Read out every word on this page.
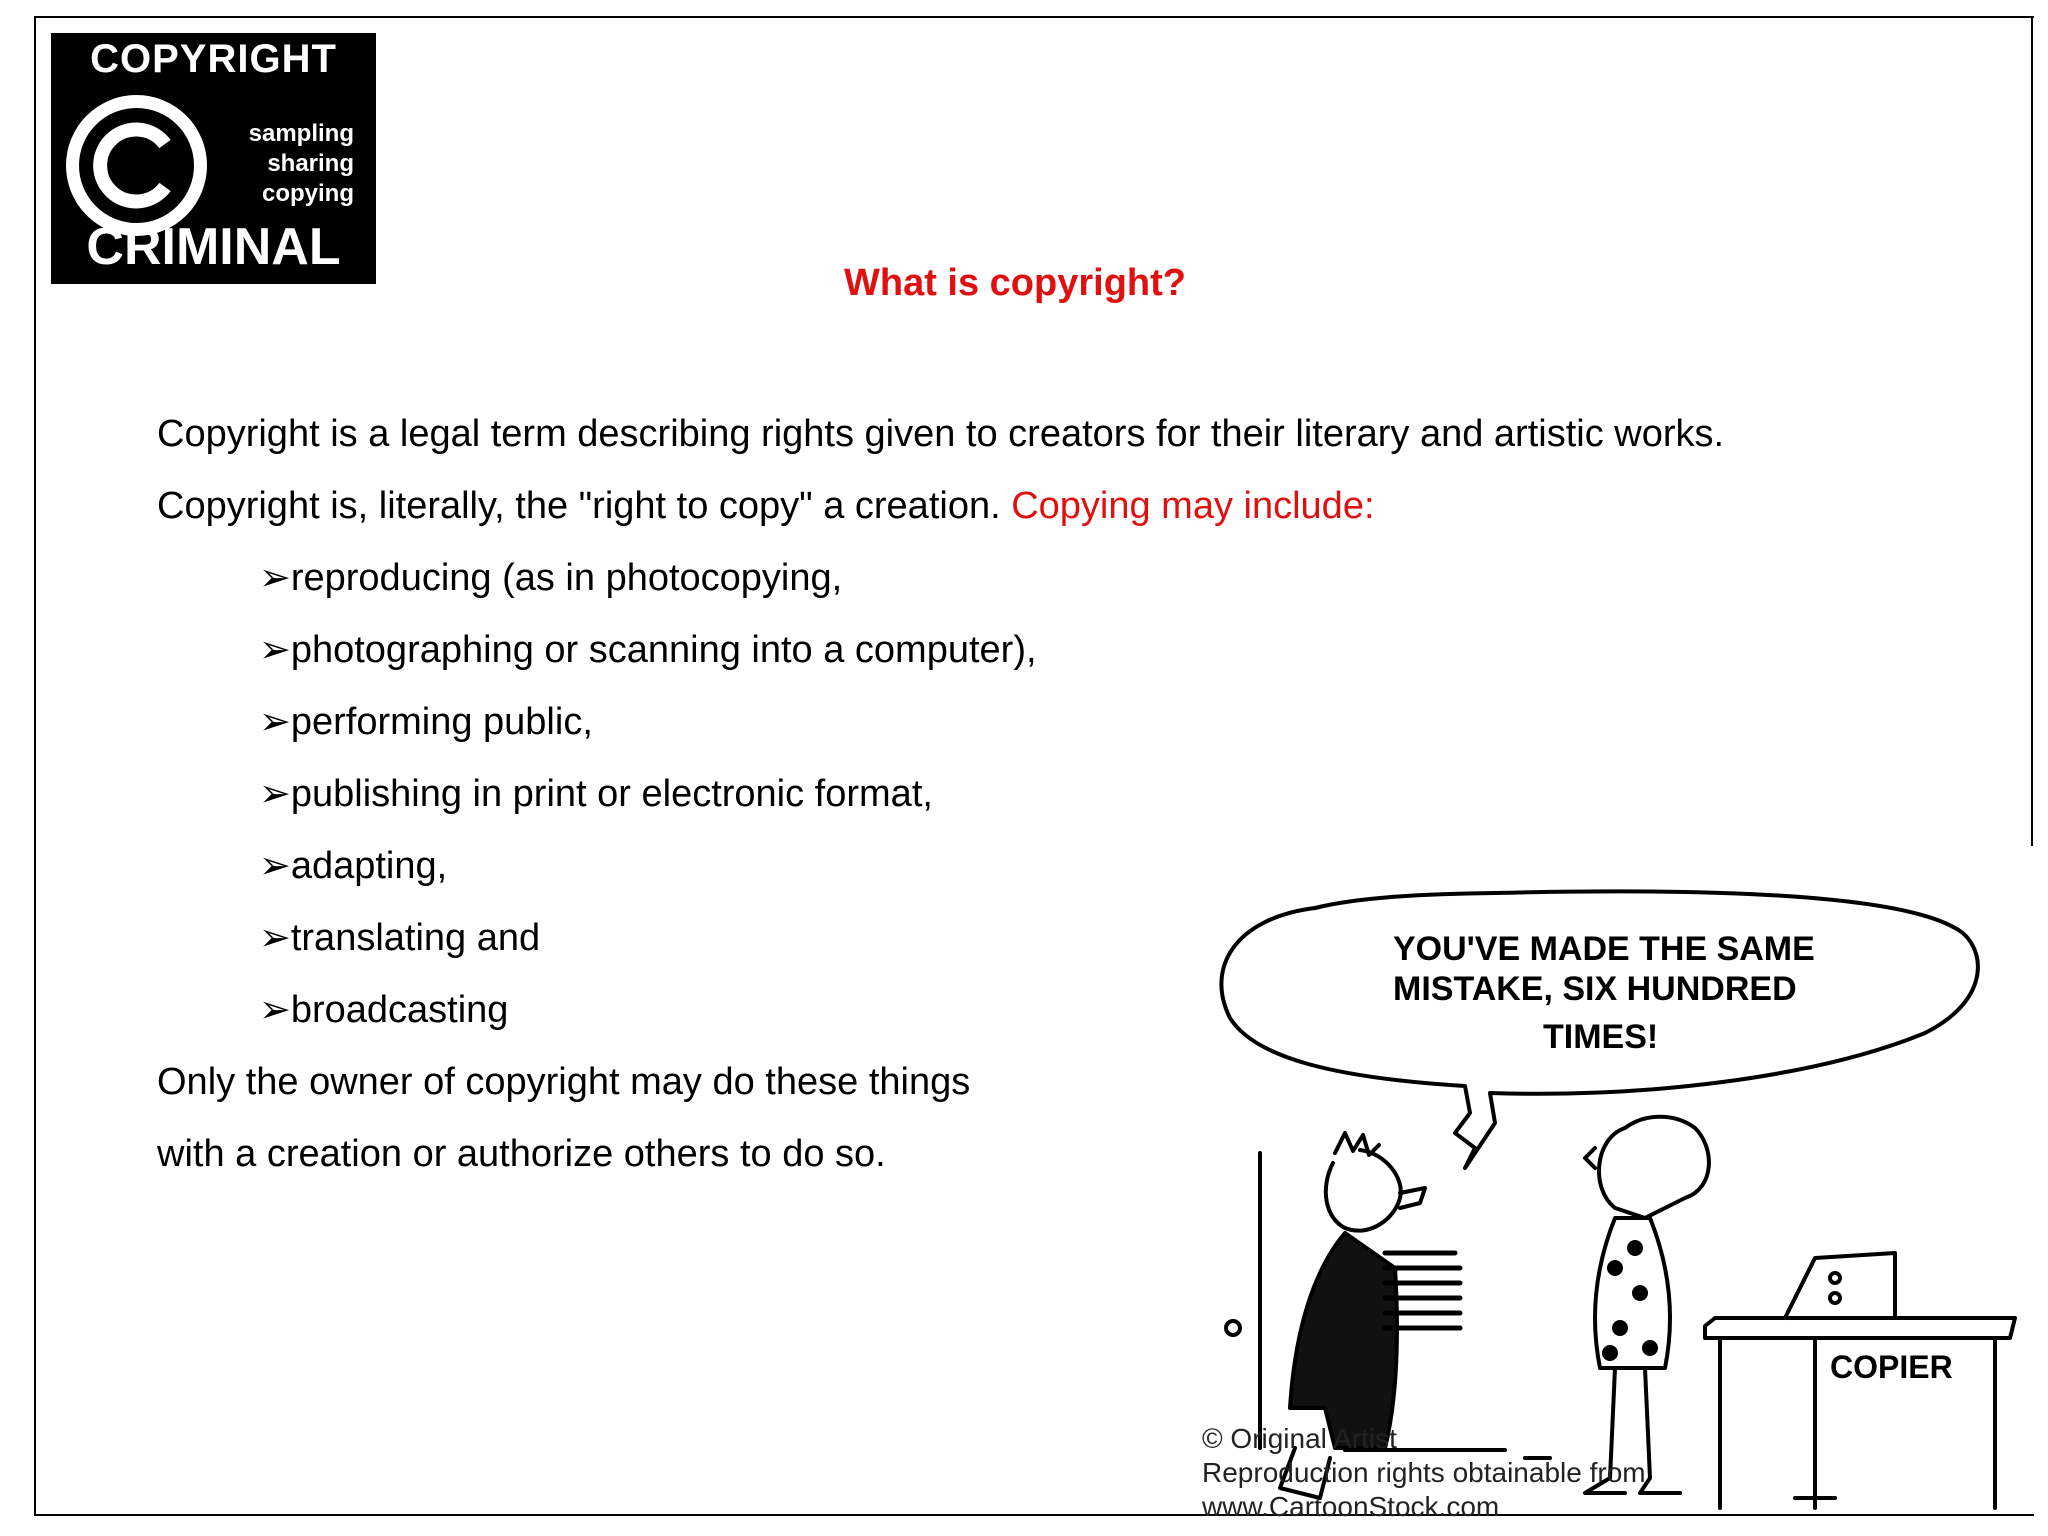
COPYRIGHT
sampling
sharing
copying
CRIMINAL
What is copyright?
Copyright is a legal term describing rights given to creators for their literary and artistic works.
Copyright is, literally, the "right to copy" a creation. Copying may include:
➢reproducing (as in photocopying,
➢photographing or scanning into a computer),
➢performing public,
➢publishing in print or electronic format,
➢adapting,
➢translating and
➢broadcasting
Only the owner of copyright may do these things
with a creation or authorize others to do so.
YOU'VE MADE THE SAME
MISTAKE, SIX HUNDRED
TIMES!
COPIER
© Original Artist
Reproduction rights obtainable from
www.CartoonStock.com
